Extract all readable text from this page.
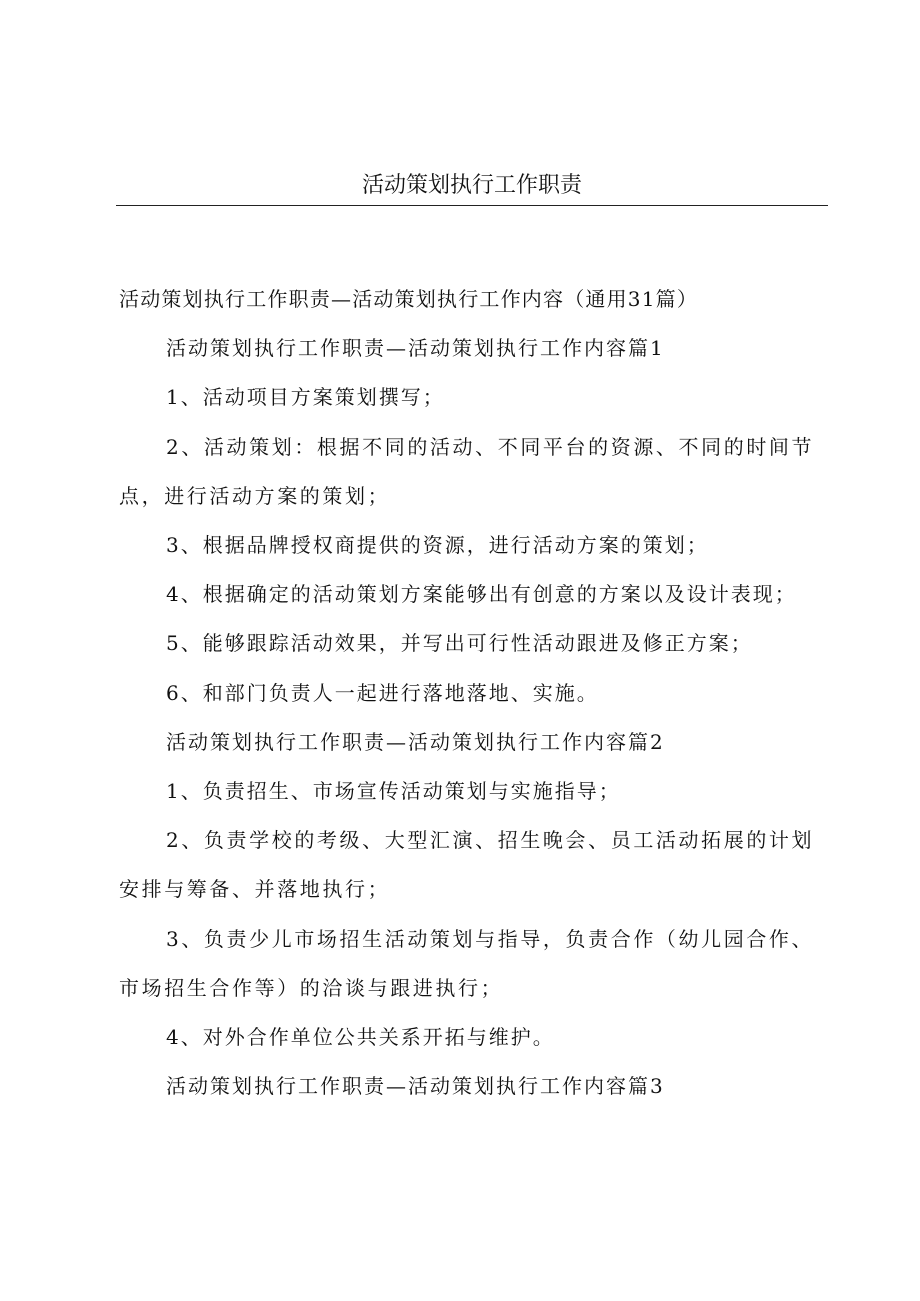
活动策划执行工作职责

活动策划执行工作职责—活动策划执行工作内容（通用31篇）

活动策划执行工作职责—活动策划执行工作内容篇1

1、活动项目方案策划撰写；

2、活动策划：根据不同的活动、不同平台的资源、不同的时间节点，进行活动方案的策划；

3、根据品牌授权商提供的资源，进行活动方案的策划；

4、根据确定的活动策划方案能够出有创意的方案以及设计表现；

5、能够跟踪活动效果，并写出可行性活动跟进及修正方案；

6、和部门负责人一起进行落地落地、实施。

活动策划执行工作职责—活动策划执行工作内容篇2

1、负责招生、市场宣传活动策划与实施指导；

2、负责学校的考级、大型汇演、招生晚会、员工活动拓展的计划安排与筹备、并落地执行；

3、负责少儿市场招生活动策划与指导，负责合作（幼儿园合作、市场招生合作等）的洽谈与跟进执行；

4、对外合作单位公共关系开拓与维护。

活动策划执行工作职责—活动策划执行工作内容篇3
